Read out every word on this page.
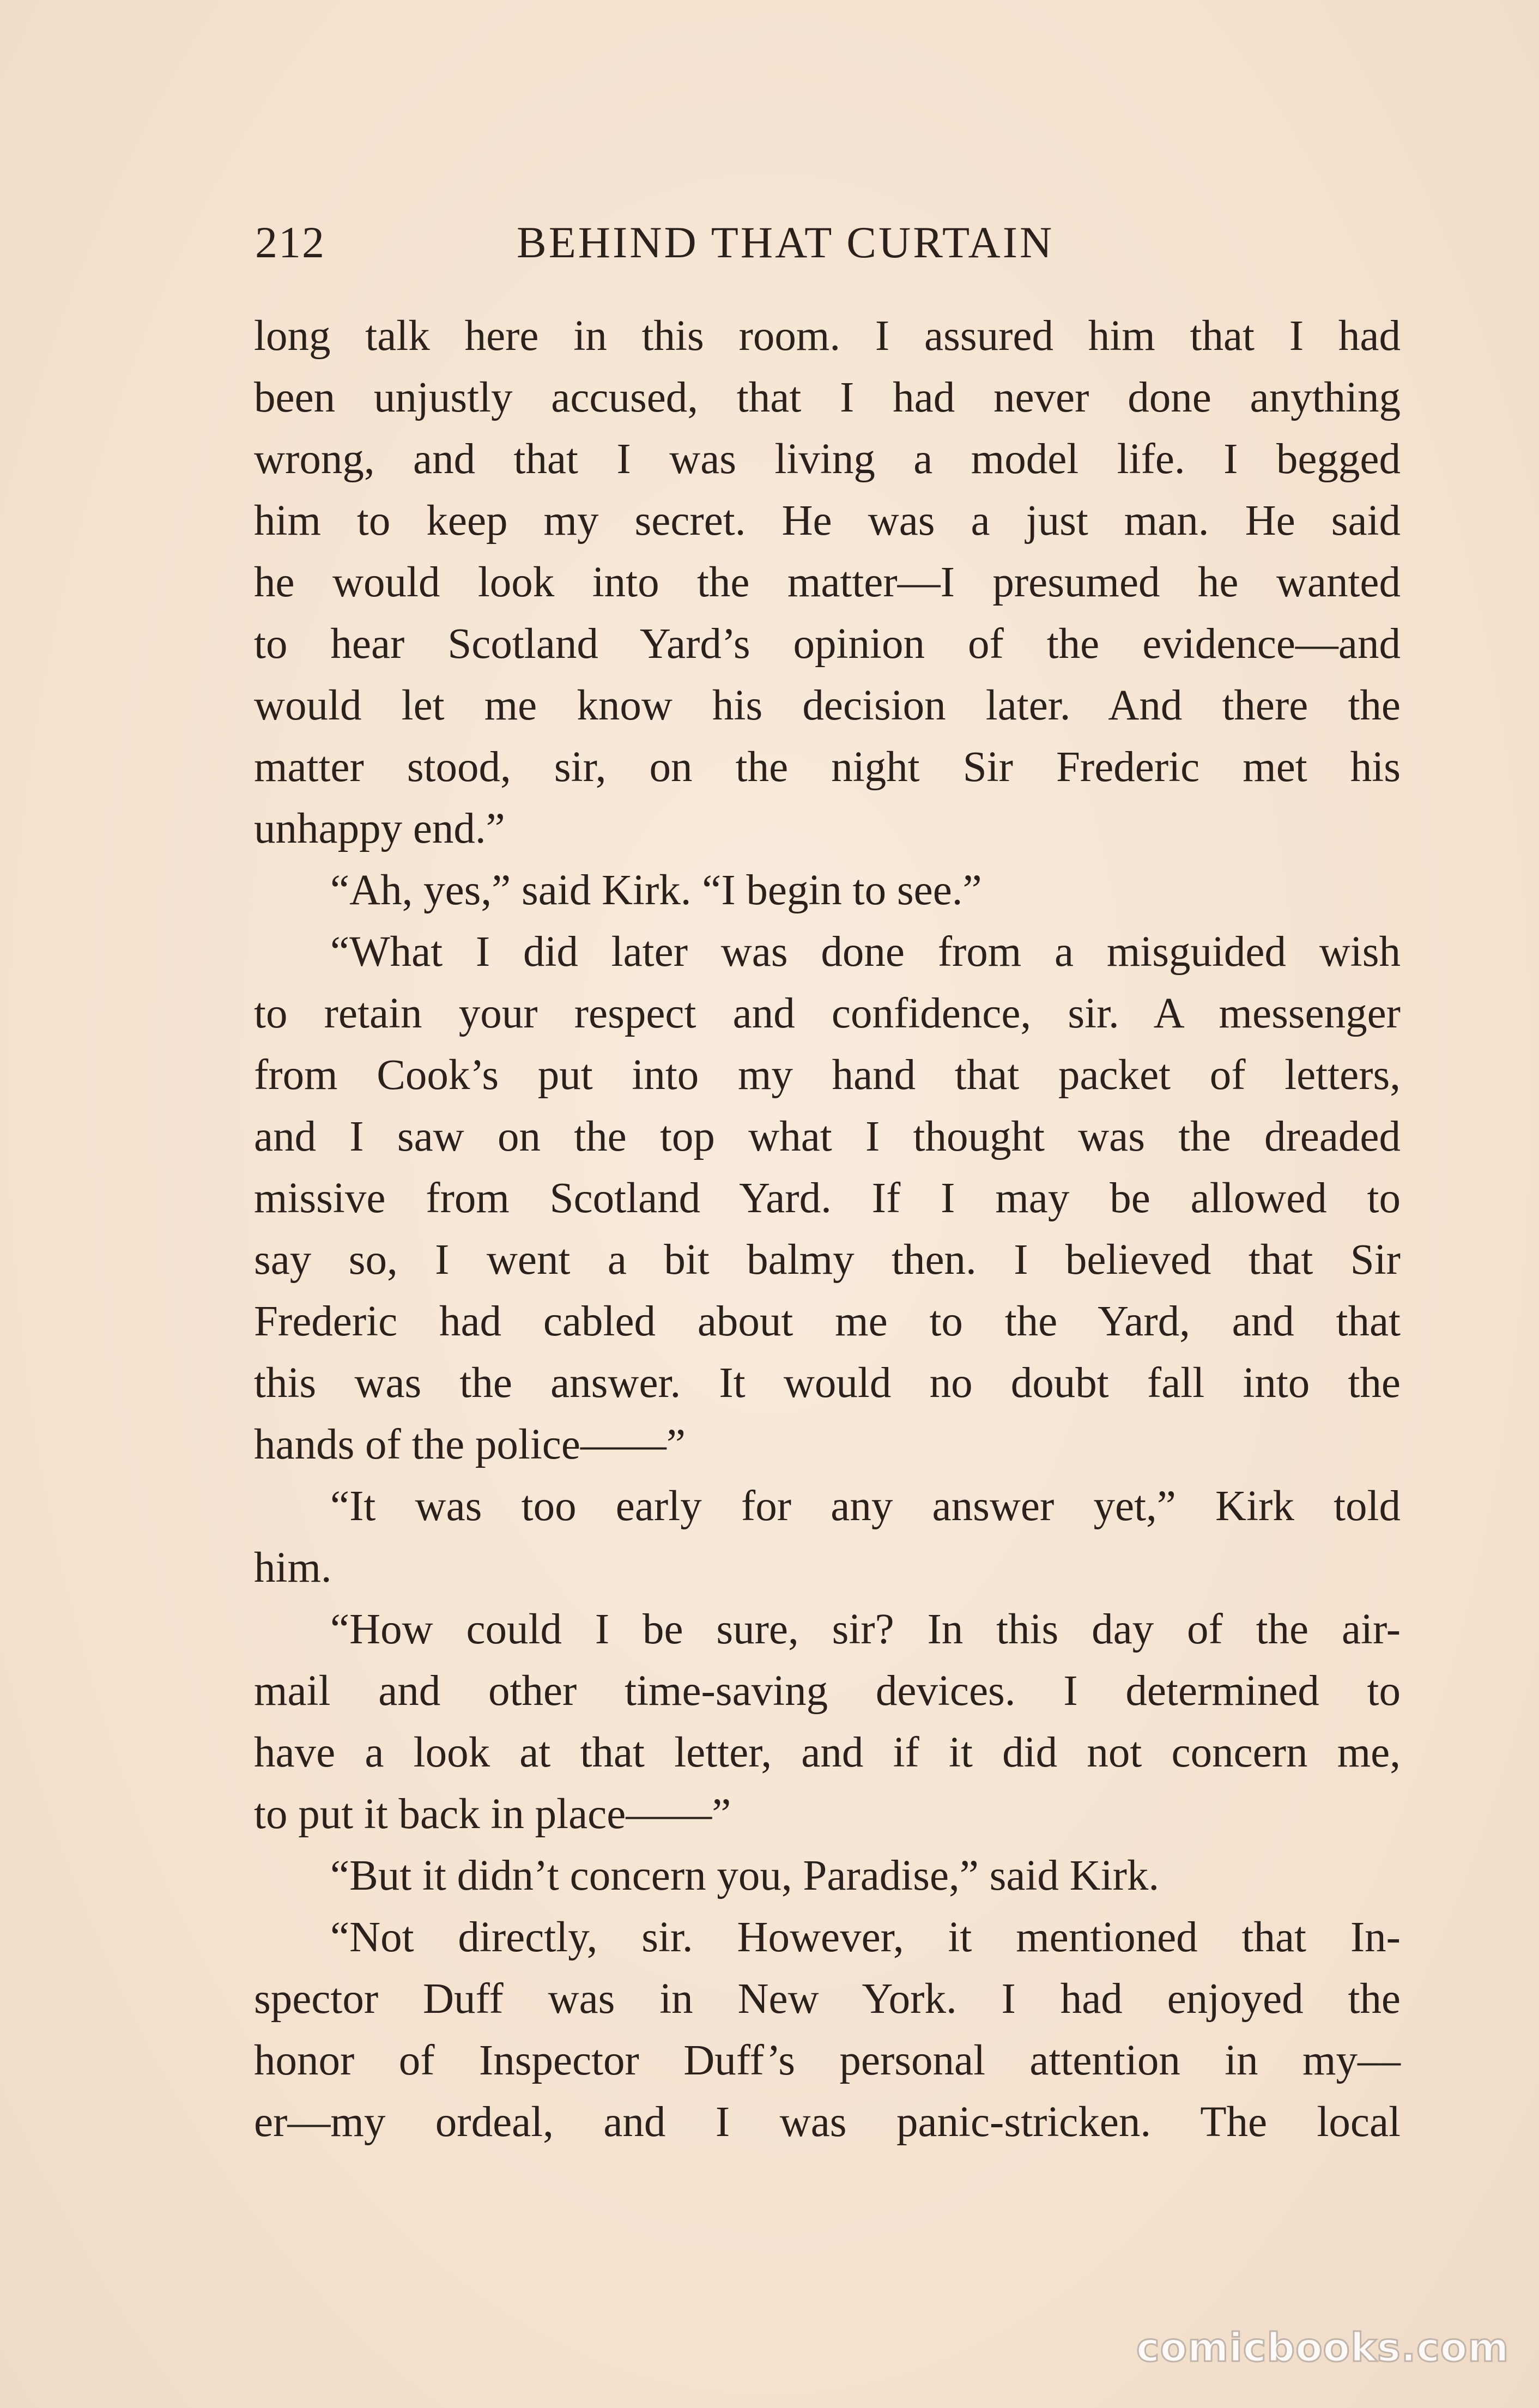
212	BEHIND THAT CURTAIN
long talk here in this room. I assured him that I had
been unjustly accused, that I had never done anything
wrong, and that I was living a model life. I begged
him to keep my secret. He was a just man. He said
he would look into the matter—I presumed he wanted
to hear Scotland Yard’s opinion of the evidence—and
would let me know his decision later. And there the
matter stood, sir, on the night Sir Frederic met his
unhappy end.”
“Ah, yes,” said Kirk. “I begin to see.”
“What I did later was done from a misguided wish
to retain your respect and confidence, sir. A messenger
from Cook’s put into my hand that packet of letters,
and I saw on the top what I thought was the dreaded
missive from Scotland Yard. If I may be allowed to
say so, I went a bit balmy then. I believed that Sir
Frederic had cabled about me to the Yard, and that
this was the answer. It would no doubt fall into the
hands of the police——”
“It was too early for any answer yet,” Kirk told
him.
“How could I be sure, sir? In this day of the air-
mail and other time-saving devices. I determined to
have a look at that letter, and if it did not concern me,
to put it back in place——”
“But it didn’t concern you, Paradise,” said Kirk.
“Not directly, sir. However, it mentioned that In-
spector Duff was in New York. I had enjoyed the
honor of Inspector Duff’s personal attention in my—
er—my ordeal, and I was panic-stricken. The local
comicbooks.com
